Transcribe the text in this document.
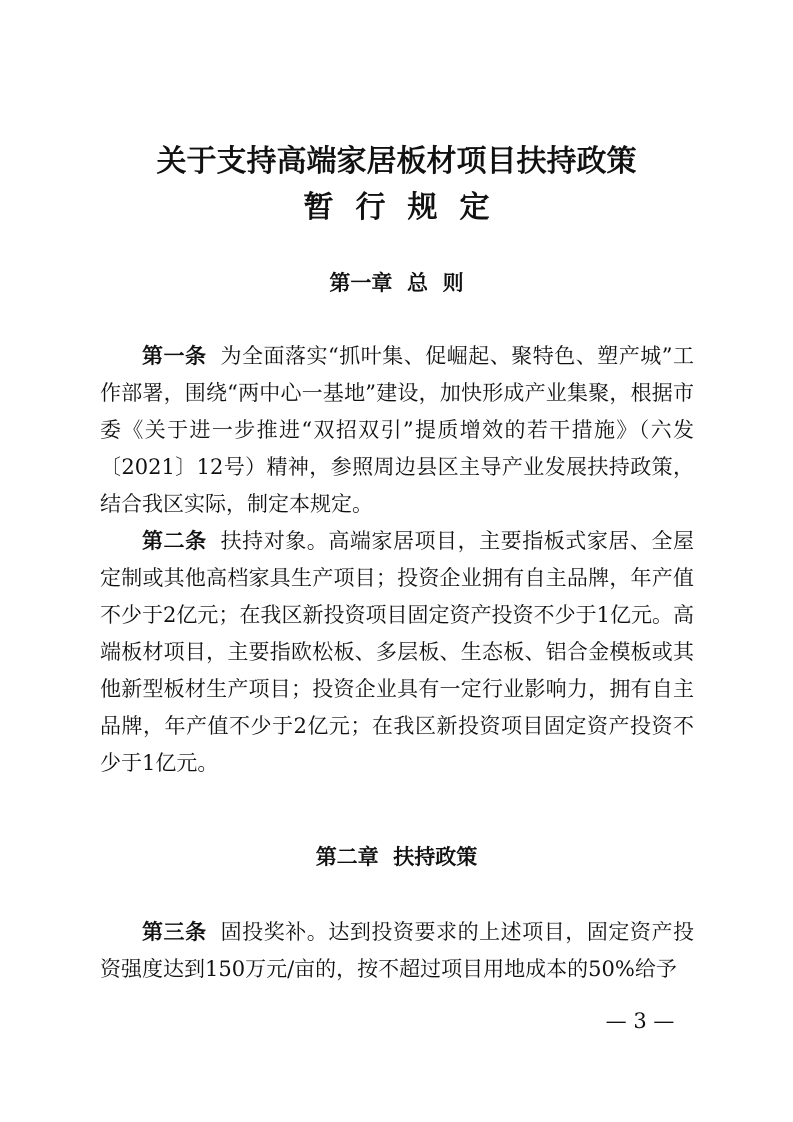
关于支持高端家居板材项目扶持政策
暂行规定
第一章  总  则

第一条 为全面落实“抓叶集、促崛起、聚特色、塑产城”工作部署，围绕“两中心一基地”建设，加快形成产业集聚，根据市委《关于进一步推进“双招双引”提质增效的若干措施》（六发〔2021〕12号）精神，参照周边县区主导产业发展扶持政策，结合我区实际，制定本规定。

第二条 扶持对象。高端家居项目，主要指板式家居、全屋定制或其他高档家具生产项目；投资企业拥有自主品牌，年产值不少于2亿元；在我区新投资项目固定资产投资不少于1亿元。高端板材项目，主要指欧松板、多层板、生态板、铝合金模板或其他新型板材生产项目；投资企业具有一定行业影响力，拥有自主品牌，年产值不少于2亿元；在我区新投资项目固定资产投资不少于1亿元。

第二章  扶持政策

第三条 固投奖补。达到投资要求的上述项目，固定资产投资强度达到150万元/亩的，按不超过项目用地成本的50%给予

— 3 —
